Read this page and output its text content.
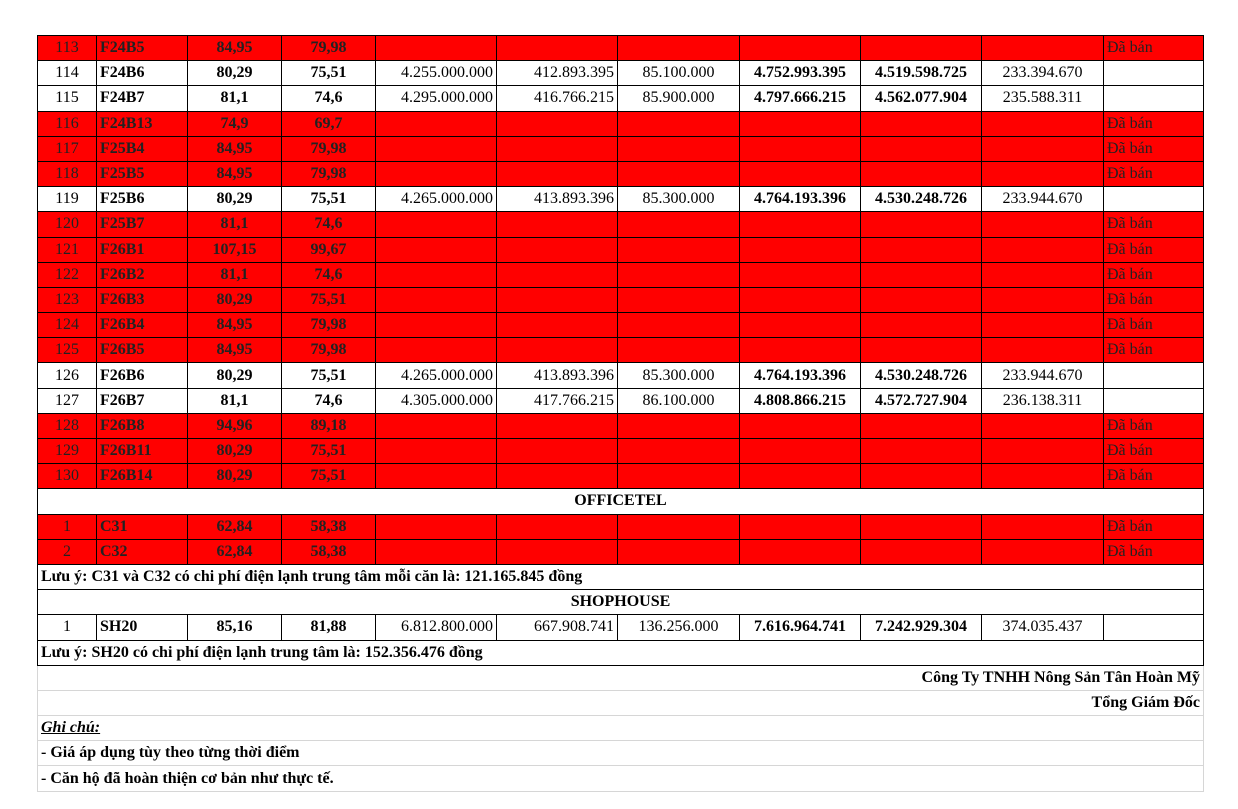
113	F24B5	84,95	79,98							Đã bán
114	F24B6	80,29	75,51	4.255.000.000	412.893.395	85.100.000	4.752.993.395	4.519.598.725	233.394.670	
115	F24B7	81,1	74,6	4.295.000.000	416.766.215	85.900.000	4.797.666.215	4.562.077.904	235.588.311	
116	F24B13	74,9	69,7							Đã bán
117	F25B4	84,95	79,98							Đã bán
118	F25B5	84,95	79,98							Đã bán
119	F25B6	80,29	75,51	4.265.000.000	413.893.396	85.300.000	4.764.193.396	4.530.248.726	233.944.670	
120	F25B7	81,1	74,6							Đã bán
121	F26B1	107,15	99,67							Đã bán
122	F26B2	81,1	74,6							Đã bán
123	F26B3	80,29	75,51							Đã bán
124	F26B4	84,95	79,98							Đã bán
125	F26B5	84,95	79,98							Đã bán
126	F26B6	80,29	75,51	4.265.000.000	413.893.396	85.300.000	4.764.193.396	4.530.248.726	233.944.670	
127	F26B7	81,1	74,6	4.305.000.000	417.766.215	86.100.000	4.808.866.215	4.572.727.904	236.138.311	
128	F26B8	94,96	89,18							Đã bán
129	F26B11	80,29	75,51							Đã bán
130	F26B14	80,29	75,51							Đã bán
OFFICETEL										
1	C31	62,84	58,38							Đã bán
2	C32	62,84	58,38							Đã bán
Lưu ý: C31 và C32 có chi phí điện lạnh trung tâm mỗi căn là: 121.165.845 đồng										
SHOPHOUSE										
1	SH20	85,16	81,88	6.812.800.000	667.908.741	136.256.000	7.616.964.741	7.242.929.304	374.035.437	
Lưu ý: SH20 có chi phí điện lạnh trung tâm là: 152.356.476 đồng										
Công Ty TNHH Nông Sản Tân Hoàn Mỹ										
Tổng Giám Đốc										
Ghi chú:										
- Giá áp dụng tùy theo từng thời điểm										
- Căn hộ đã hoàn thiện cơ bản như thực tế.										
